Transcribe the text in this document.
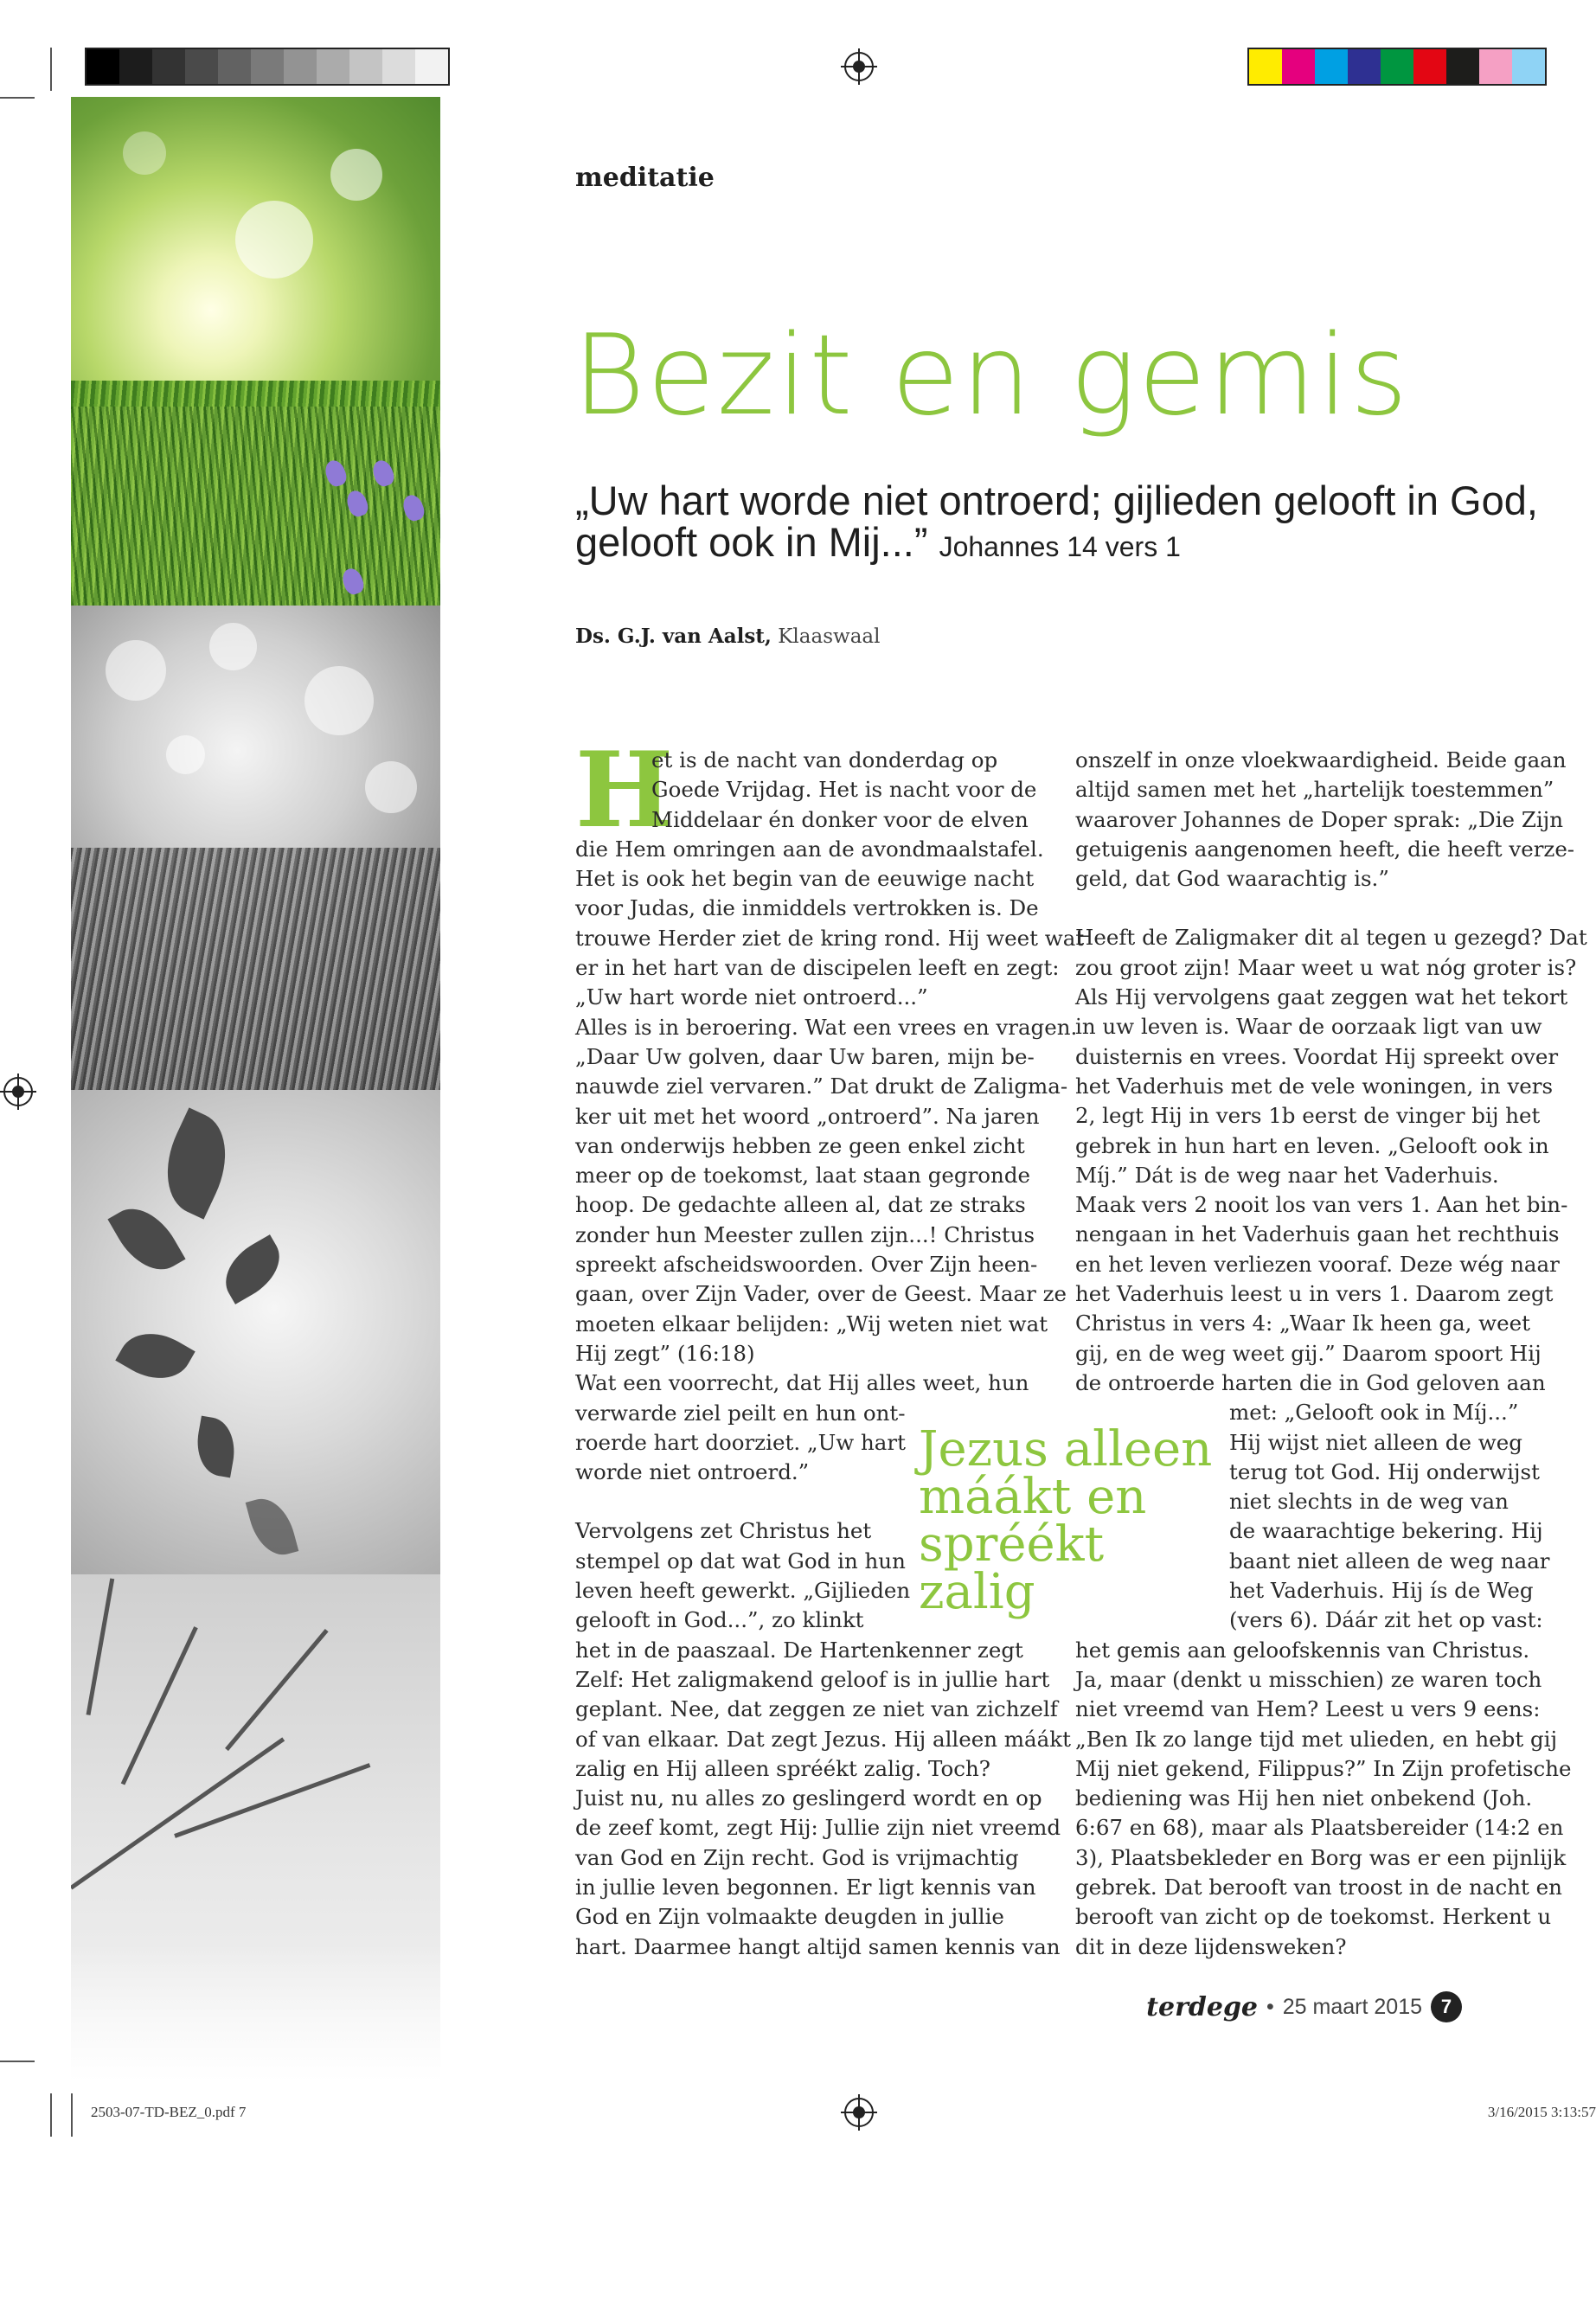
meditatie
Bezit en gemis
„Uw hart worde niet ontroerd; gijlieden gelooft in God, gelooft ook in Mij...” Johannes 14 vers 1
Ds. G.J. van Aalst, Klaaswaal
H

et is de nacht van donderdag op

Goede Vrijdag. Het is nacht voor de

Middelaar én donker voor de elven

die Hem omringen aan de avondmaalstafel.

Het is ook het begin van de eeuwige nacht

voor Judas, die inmiddels vertrokken is. De

trouwe Herder ziet de kring rond. Hij weet wat

er in het hart van de discipelen leeft en zegt:

„Uw hart worde niet ontroerd...”

Alles is in beroering. Wat een vrees en vragen.

„Daar Uw golven, daar Uw baren, mijn be-

nauwde ziel vervaren.” Dat drukt de Zaligma-

ker uit met het woord „ontroerd”. Na jaren

van onderwijs hebben ze geen enkel zicht

meer op de toekomst, laat staan gegronde

hoop. De gedachte alleen al, dat ze straks

zonder hun Meester zullen zijn...! Christus

spreekt afscheidswoorden. Over Zijn heen-

gaan, over Zijn Vader, over de Geest. Maar ze

moeten elkaar belijden: „Wij weten niet wat

Hij zegt” (16:18)

Wat een voorrecht, dat Hij alles weet, hun

verwarde ziel peilt en hun ont-

roerde hart doorziet. „Uw hart

worde niet ontroerd.”

Vervolgens zet Christus het

stempel op dat wat God in hun

leven heeft gewerkt. „Gijlieden

gelooft in God...”, zo klinkt

het in de paaszaal. De Hartenkenner zegt

Zelf: Het zaligmakend geloof is in jullie hart

geplant. Nee, dat zeggen ze niet van zichzelf

of van elkaar. Dat zegt Jezus. Hij alleen máákt

zalig en Hij alleen spréékt zalig. Toch?

Juist nu, nu alles zo geslingerd wordt en op

de zeef komt, zegt Hij: Jullie zijn niet vreemd

van God en Zijn recht. God is vrijmachtig

in jullie leven begonnen. Er ligt kennis van

God en Zijn volmaakte deugden in jullie

hart. Daarmee hangt altijd samen kennis van

onszelf in onze vloekwaardigheid. Beide gaan

altijd samen met het „hartelijk toestemmen”

waarover Johannes de Doper sprak: „Die Zijn

getuigenis aangenomen heeft, die heeft verze-

geld, dat God waarachtig is.”

Heeft de Zaligmaker dit al tegen u gezegd? Dat

zou groot zijn! Maar weet u wat nóg groter is?

Als Hij vervolgens gaat zeggen wat het tekort

in uw leven is. Waar de oorzaak ligt van uw

duisternis en vrees. Voordat Hij spreekt over

het Vaderhuis met de vele woningen, in vers

2, legt Hij in vers 1b eerst de vinger bij het

gebrek in hun hart en leven. „Gelooft ook in

Míj.” Dát is de weg naar het Vaderhuis.

Maak vers 2 nooit los van vers 1. Aan het bin-

nengaan in het Vaderhuis gaan het rechthuis

en het leven verliezen vooraf. Deze wég naar

het Vaderhuis leest u in vers 1. Daarom zegt

Christus in vers 4: „Waar Ik heen ga, weet

gij, en de weg weet gij.” Daarom spoort Hij

de ontroerde harten die in God geloven aan

met: „Gelooft ook in Míj...”

Hij wijst niet alleen de weg

terug tot God. Hij onderwijst

niet slechts in de weg van

de waarachtige bekering. Hij

baant niet alleen de weg naar

het Vaderhuis. Hij ís de Weg

(vers 6). Dáár zit het op vast:

het gemis aan geloofskennis van Christus.

Ja, maar (denkt u misschien) ze waren toch

niet vreemd van Hem? Leest u vers 9 eens:

„Ben Ik zo lange tijd met ulieden, en hebt gij

Mij niet gekend, Filippus?” In Zijn profetische

bediening was Hij hen niet onbekend (Joh.

6:67 en 68), maar als Plaatsbereider (14:2 en

3), Plaatsbekleder en Borg was er een pijnlijk

gebrek. Dat berooft van troost in de nacht en

berooft van zicht op de toekomst. Herkent u

dit in deze lijdensweken?

Jezus alleen
máákt en
spréékt
zalig
terdege • 25 maart 2015 7
2503-07-TD-BEZ_0.pdf 7	3/16/2015 3:13:57
